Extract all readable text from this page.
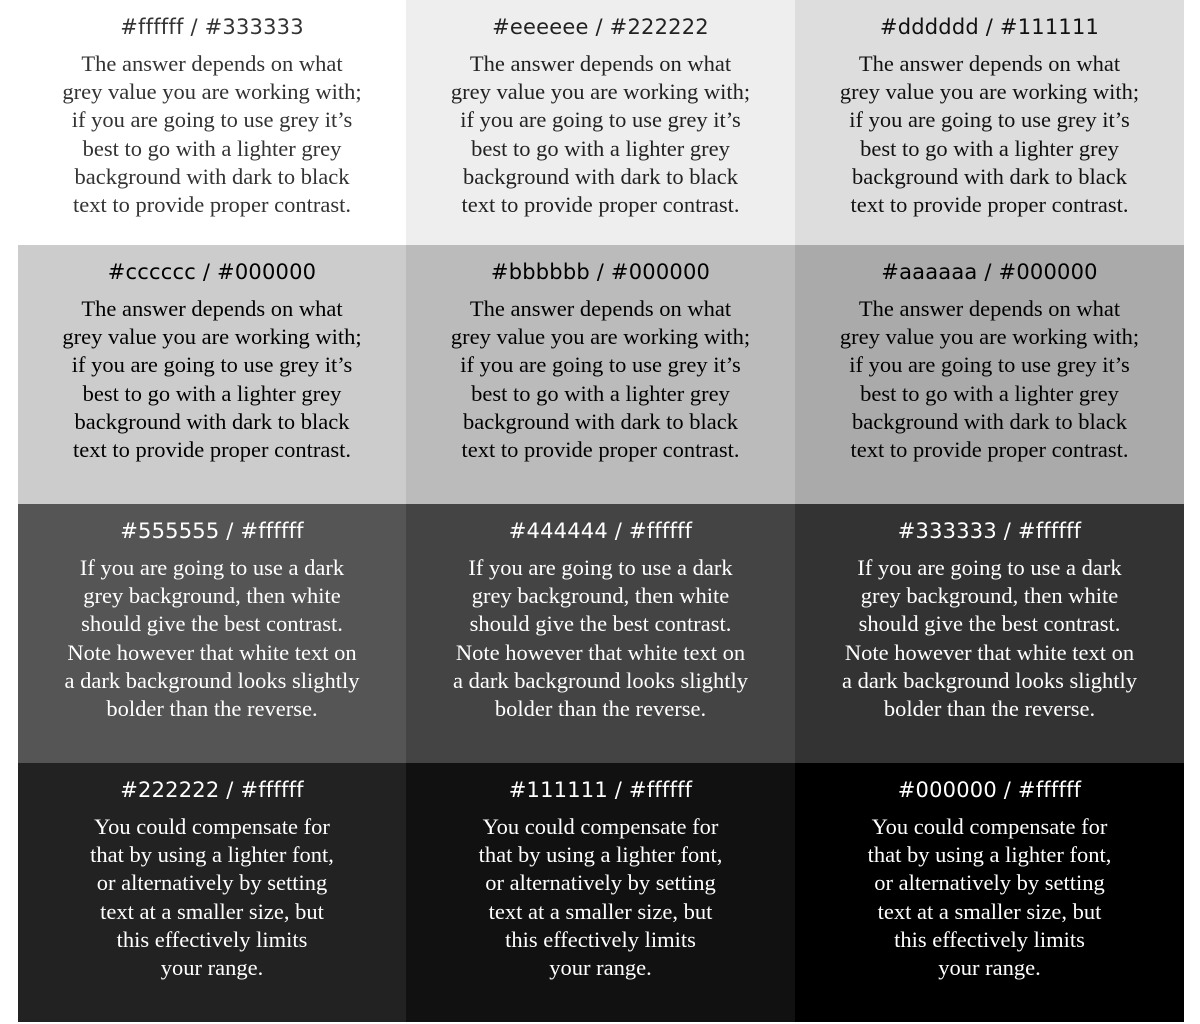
#ffffff / #333333
The answer depends on what
grey value you are working with;
if you are going to use grey it’s
best to go with a lighter grey
background with dark to black
text to provide proper contrast.
#eeeeee / #222222
The answer depends on what
grey value you are working with;
if you are going to use grey it’s
best to go with a lighter grey
background with dark to black
text to provide proper contrast.
#dddddd / #111111
The answer depends on what
grey value you are working with;
if you are going to use grey it’s
best to go with a lighter grey
background with dark to black
text to provide proper contrast.
#cccccc / #000000
The answer depends on what
grey value you are working with;
if you are going to use grey it’s
best to go with a lighter grey
background with dark to black
text to provide proper contrast.
#bbbbbb / #000000
The answer depends on what
grey value you are working with;
if you are going to use grey it’s
best to go with a lighter grey
background with dark to black
text to provide proper contrast.
#aaaaaa / #000000
The answer depends on what
grey value you are working with;
if you are going to use grey it’s
best to go with a lighter grey
background with dark to black
text to provide proper contrast.
#555555 / #ffffff
If you are going to use a dark
grey background, then white
should give the best contrast.
Note however that white text on
a dark background looks slightly
bolder than the reverse.
#444444 / #ffffff
If you are going to use a dark
grey background, then white
should give the best contrast.
Note however that white text on
a dark background looks slightly
bolder than the reverse.
#333333 / #ffffff
If you are going to use a dark
grey background, then white
should give the best contrast.
Note however that white text on
a dark background looks slightly
bolder than the reverse.
#222222 / #ffffff
You could compensate for
that by using a lighter font,
or alternatively by setting
text at a smaller size, but
this effectively limits
your range.
#111111 / #ffffff
You could compensate for
that by using a lighter font,
or alternatively by setting
text at a smaller size, but
this effectively limits
your range.
#000000 / #ffffff
You could compensate for
that by using a lighter font,
or alternatively by setting
text at a smaller size, but
this effectively limits
your range.
